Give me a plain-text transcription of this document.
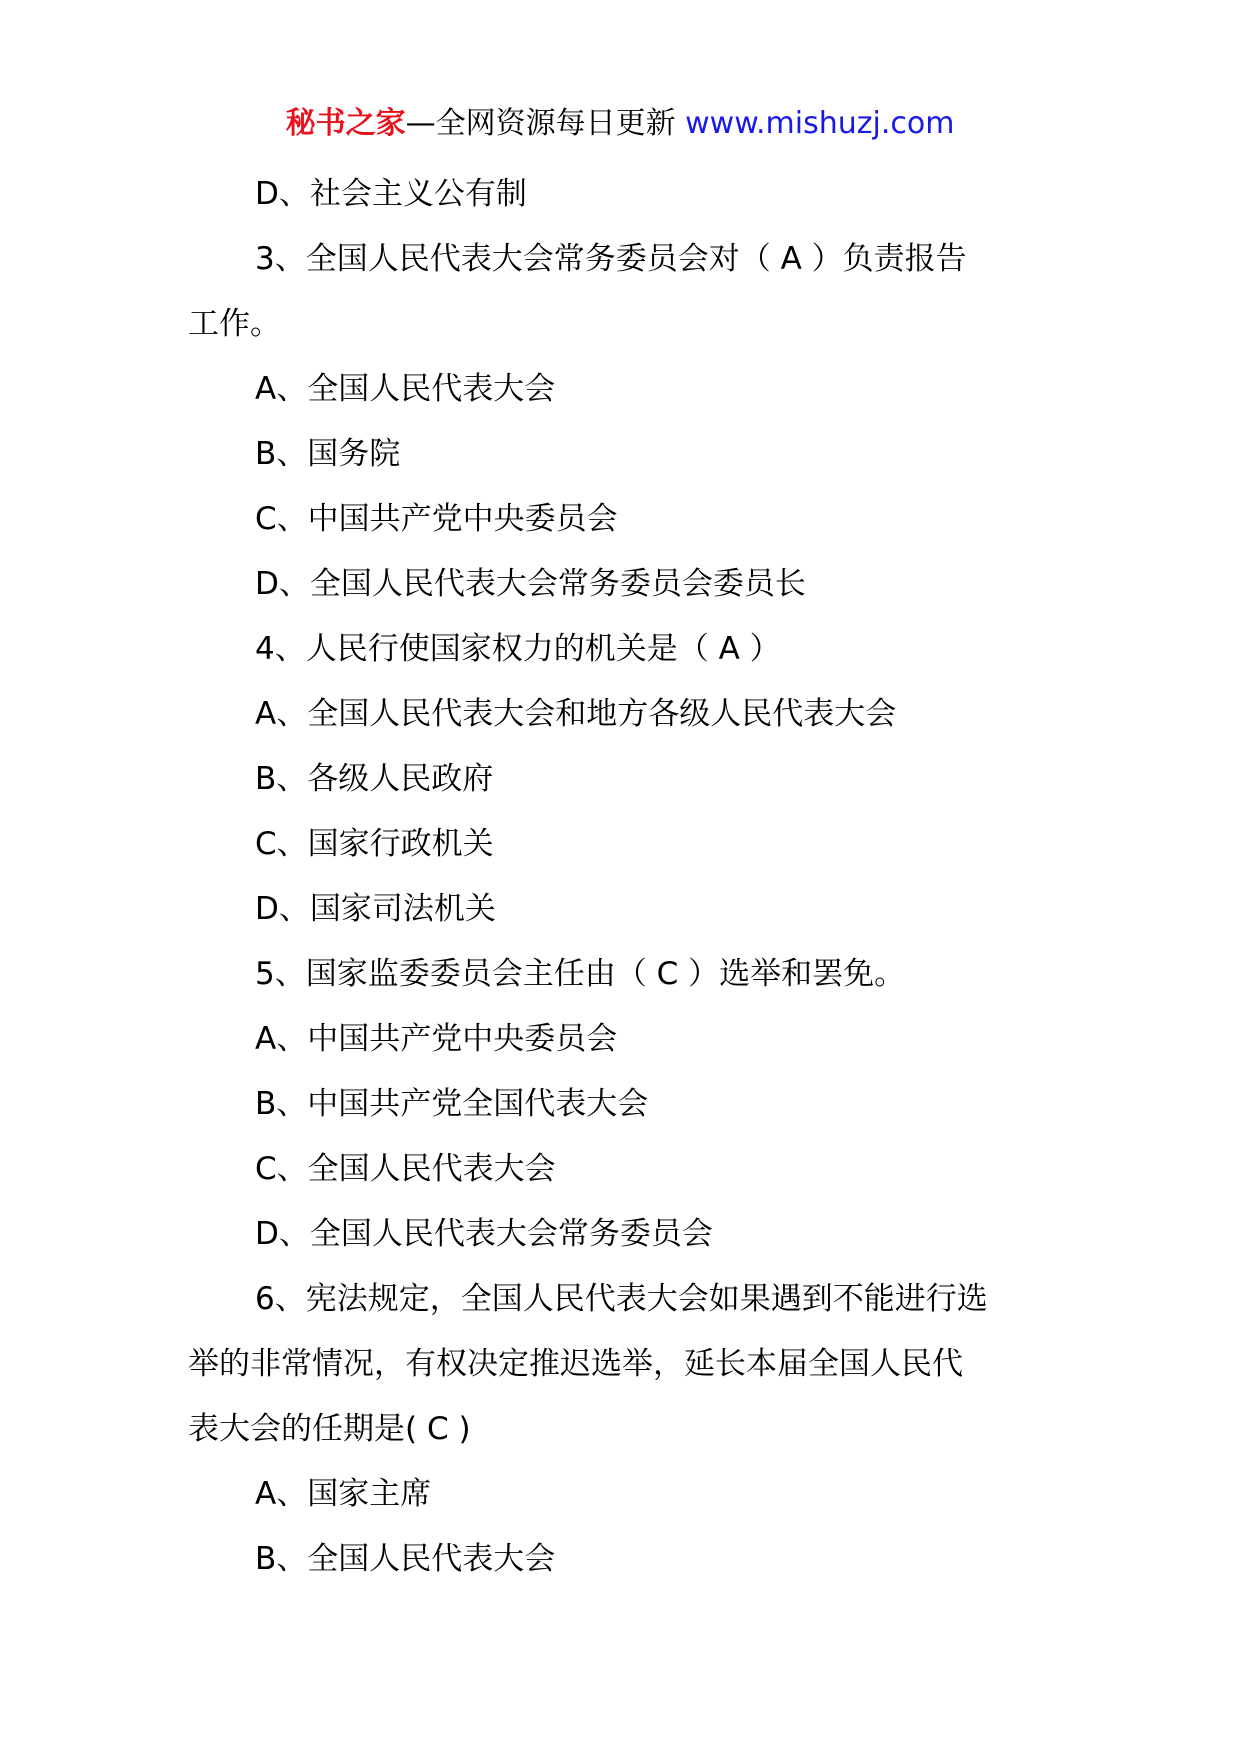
秘书之家—全网资源每日更新 www.mishuzj.com
D、社会主义公有制
3、全国人民代表大会常务委员会对（ A ）负责报告
工作。
A、全国人民代表大会
B、国务院
C、中国共产党中央委员会
D、全国人民代表大会常务委员会委员长
4、人民行使国家权力的机关是（ A ）
A、全国人民代表大会和地方各级人民代表大会
B、各级人民政府
C、国家行政机关
D、国家司法机关
5、国家监委委员会主任由（ C ）选举和罢免。
A、中国共产党中央委员会
B、中国共产党全国代表大会
C、全国人民代表大会
D、全国人民代表大会常务委员会
6、宪法规定，全国人民代表大会如果遇到不能进行选
举的非常情况，有权决定推迟选举，延长本届全国人民代
表大会的任期是( C )
A、国家主席
B、全国人民代表大会
